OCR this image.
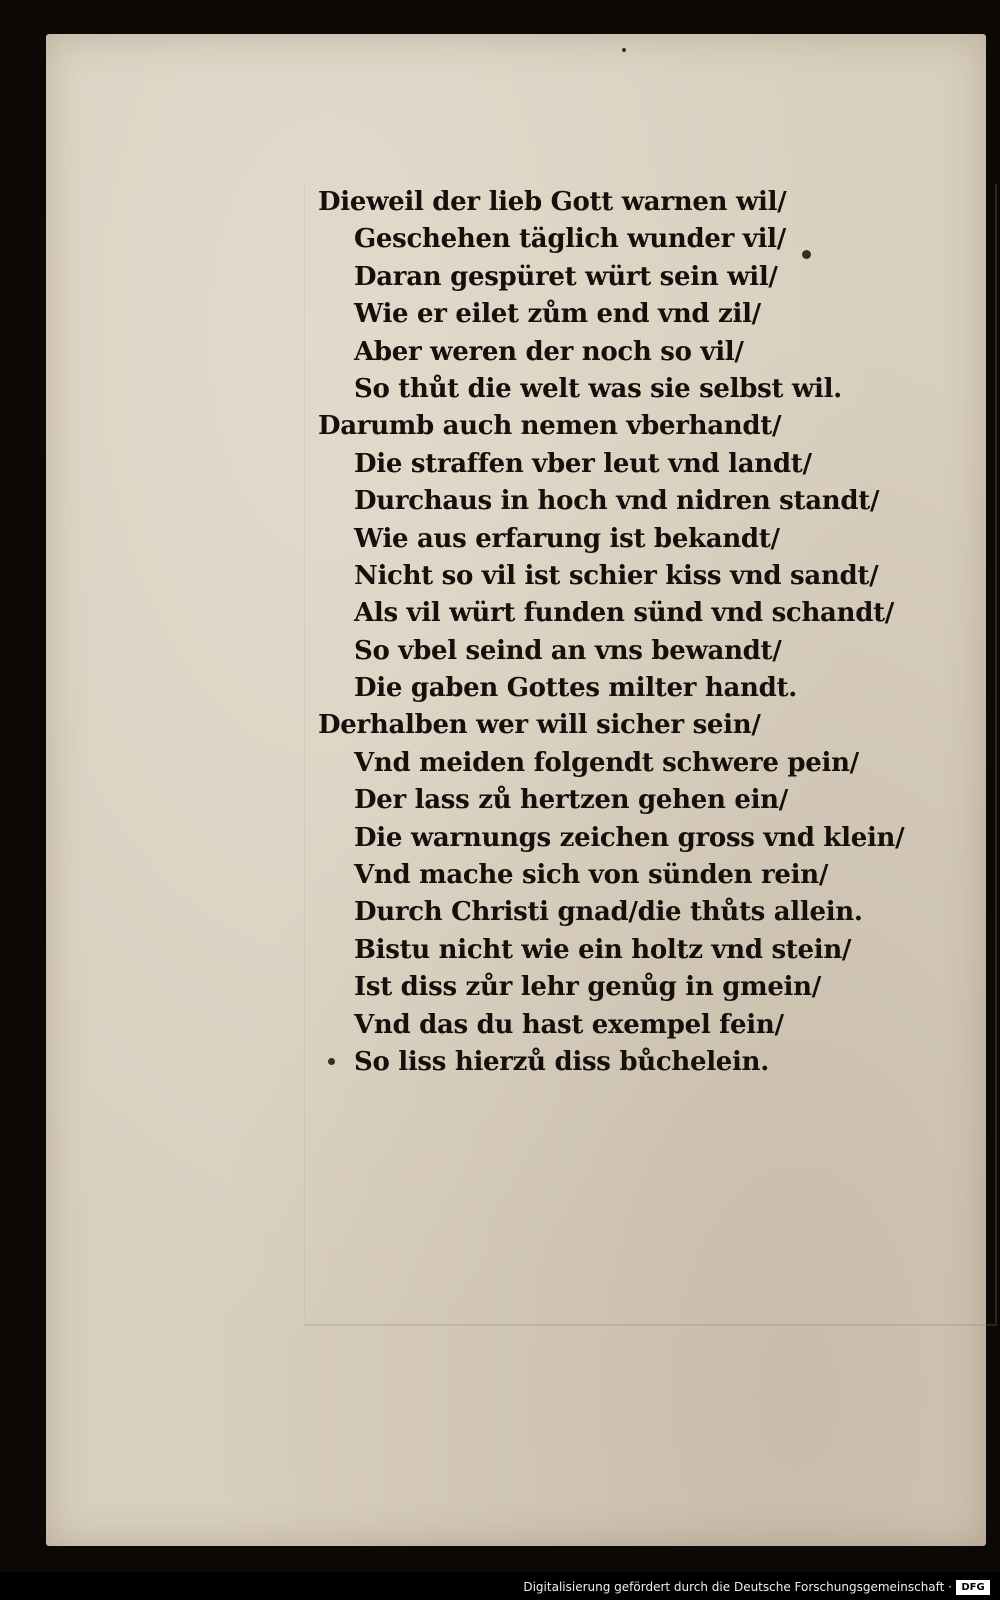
Dieweil der lieb Gott warnen wil/
Geschehen täglich wunder vil/
Daran gespüret würt sein wil/
Wie er eilet zům end vnd zil/
Aber weren der noch so vil/
So thůt die welt was sie selbst wil.
Darumb auch nemen vberhandt/
Die straffen vber leut vnd landt/
Durchaus in hoch vnd nidren standt/
Wie aus erfarung ist bekandt/
Nicht so vil ist schier kiss vnd sandt/
Als vil würt funden sünd vnd schandt/
So vbel seind an vns bewandt/
Die gaben Gottes milter handt.
Derhalben wer will sicher sein/
Vnd meiden folgendt schwere pein/
Der lass zů hertzen gehen ein/
Die warnungs zeichen gross vnd klein/
Vnd mache sich von sünden rein/
Durch Christi gnad/die thůts allein.
Bistu nicht wie ein holtz vnd stein/
Ist diss zůr lehr genůg in gmein/
Vnd das du hast exempel fein/
So liss hierzů diss bůchelein.
Digitalisierung gefördert durch die Deutsche Forschungsgemeinschaft · DFG
